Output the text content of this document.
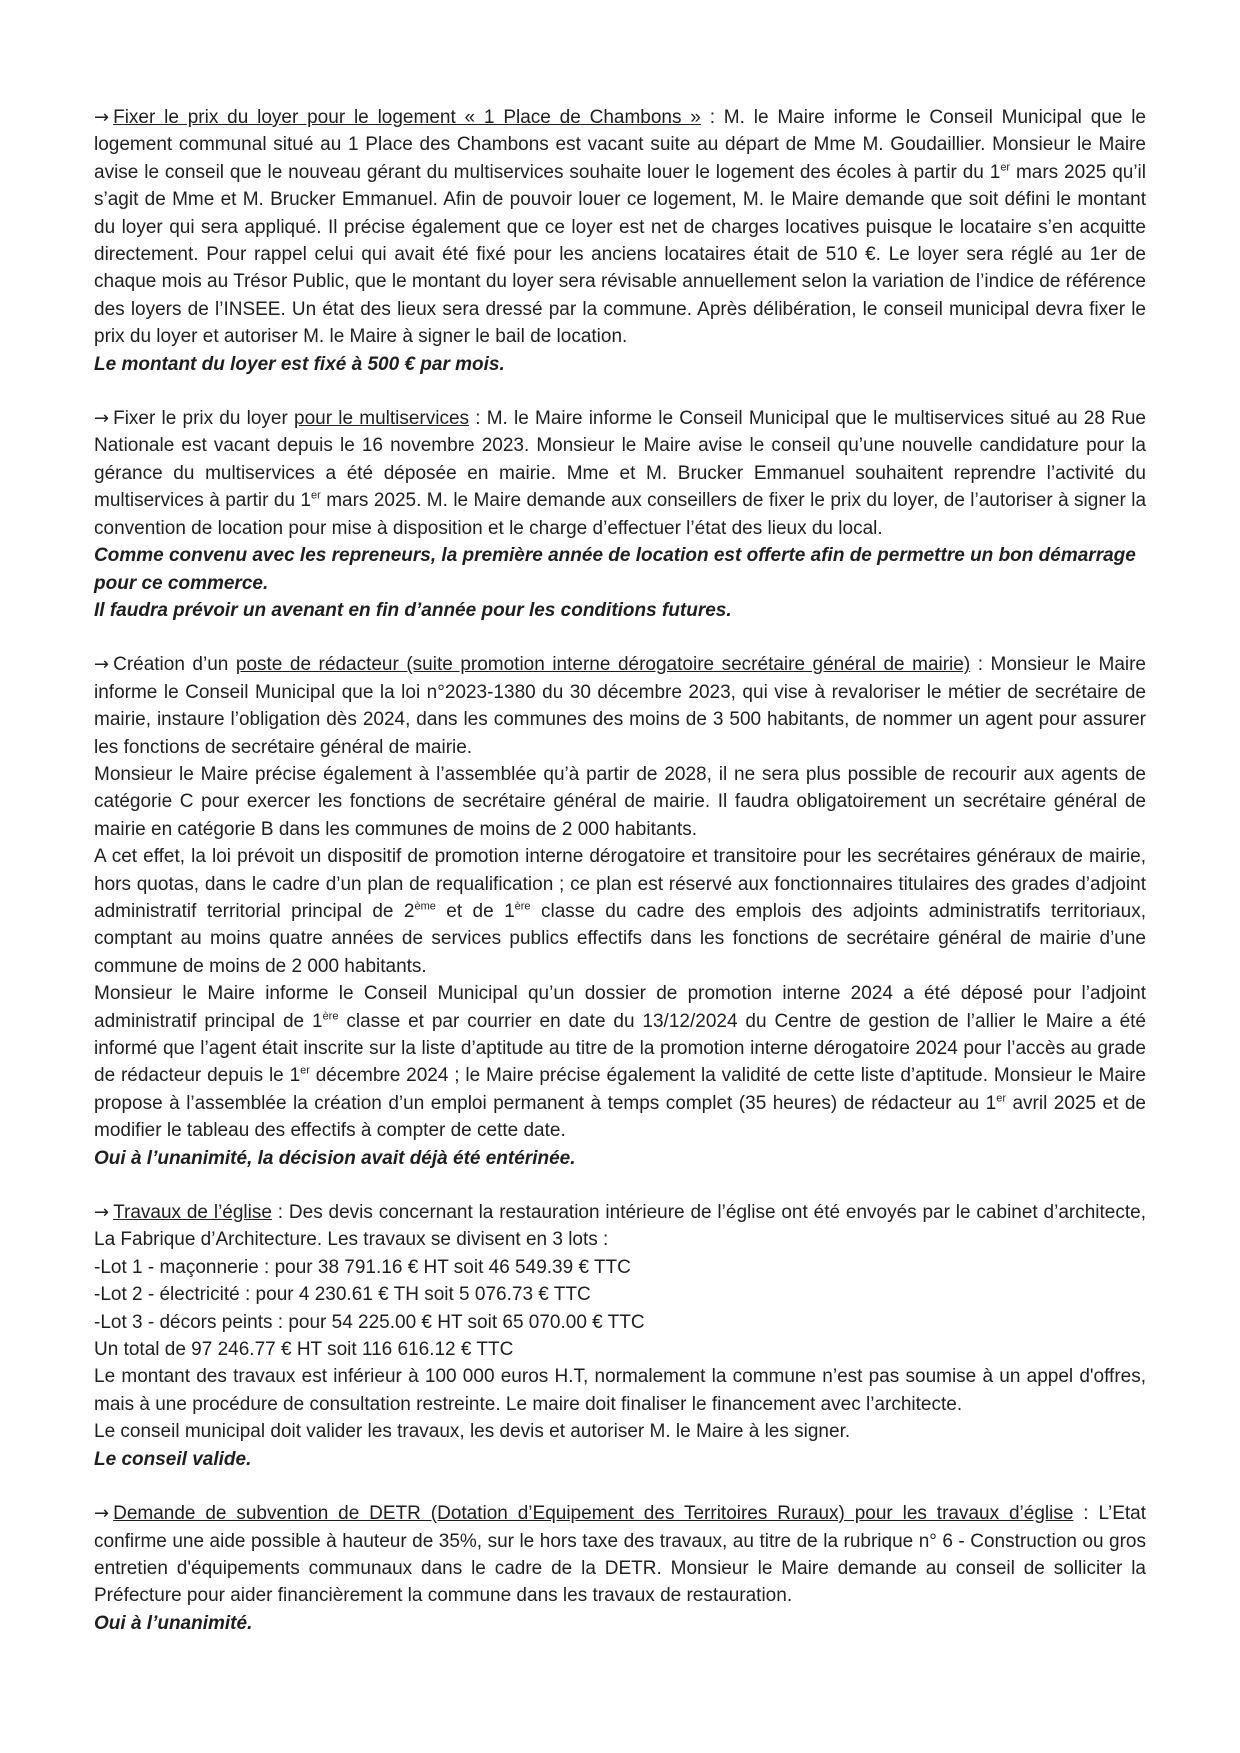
→ Fixer le prix du loyer pour le logement « 1 Place de Chambons » : M. le Maire informe le Conseil Municipal que le logement communal situé au 1 Place des Chambons est vacant suite au départ de Mme M. Goudaillier. Monsieur le Maire avise le conseil que le nouveau gérant du multiservices souhaite louer le logement des écoles à partir du 1er mars 2025 qu’il s’agit de Mme et M. Brucker Emmanuel. Afin de pouvoir louer ce logement, M. le Maire demande que soit défini le montant du loyer qui sera appliqué. Il précise également que ce loyer est net de charges locatives puisque le locataire s’en acquitte directement. Pour rappel celui qui avait été fixé pour les anciens locataires était de 510 €. Le loyer sera réglé au 1er de chaque mois au Trésor Public, que le montant du loyer sera révisable annuellement selon la variation de l’indice de référence des loyers de l’INSEE. Un état des lieux sera dressé par la commune. Après délibération, le conseil municipal devra fixer le prix du loyer et autoriser M. le Maire à signer le bail de location.

Le montant du loyer est fixé à 500 € par mois.

→ Fixer le prix du loyer pour le multiservices : M. le Maire informe le Conseil Municipal que le multiservices situé au 28 Rue Nationale est vacant depuis le 16 novembre 2023. Monsieur le Maire avise le conseil qu’une nouvelle candidature pour la gérance du multiservices a été déposée en mairie. Mme et M. Brucker Emmanuel souhaitent reprendre l’activité du multiservices à partir du 1er mars 2025. M. le Maire demande aux conseillers de fixer le prix du loyer, de l’autoriser à signer la convention de location pour mise à disposition et le charge d’effectuer l’état des lieux du local.

Comme convenu avec les repreneurs, la première année de location est offerte afin de permettre un bon démarrage pour ce commerce.

Il faudra prévoir un avenant en fin d’année pour les conditions futures.

→ Création d’un poste de rédacteur (suite promotion interne dérogatoire secrétaire général de mairie) : Monsieur le Maire informe le Conseil Municipal que la loi n°2023-1380 du 30 décembre 2023, qui vise à revaloriser le métier de secrétaire de mairie, instaure l’obligation dès 2024, dans les communes des moins de 3 500 habitants, de nommer un agent pour assurer les fonctions de secrétaire général de mairie.

Monsieur le Maire précise également à l’assemblée qu’à partir de 2028, il ne sera plus possible de recourir aux agents de catégorie C pour exercer les fonctions de secrétaire général de mairie. Il faudra obligatoirement un secrétaire général de mairie en catégorie B dans les communes de moins de 2 000 habitants.

A cet effet, la loi prévoit un dispositif de promotion interne dérogatoire et transitoire pour les secrétaires généraux de mairie, hors quotas, dans le cadre d’un plan de requalification ; ce plan est réservé aux fonctionnaires titulaires des grades d’adjoint administratif territorial principal de 2ème et de 1ère classe du cadre des emplois des adjoints administratifs territoriaux, comptant au moins quatre années de services publics effectifs dans les fonctions de secrétaire général de mairie d’une commune de moins de 2 000 habitants.

Monsieur le Maire informe le Conseil Municipal qu’un dossier de promotion interne 2024 a été déposé pour l’adjoint administratif principal de 1ère classe et par courrier en date du 13/12/2024 du Centre de gestion de l’allier le Maire a été informé que l’agent était inscrite sur la liste d’aptitude au titre de la promotion interne dérogatoire 2024 pour l’accès au grade de rédacteur depuis le 1er décembre 2024 ; le Maire précise également la validité de cette liste d’aptitude. Monsieur le Maire propose à l’assemblée la création d’un emploi permanent à temps complet (35 heures) de rédacteur au 1er avril 2025 et de modifier le tableau des effectifs à compter de cette date.

Oui à l’unanimité, la décision avait déjà été entérinée.

→ Travaux de l’église : Des devis concernant la restauration intérieure de l’église ont été envoyés par le cabinet d’architecte, La Fabrique d’Architecture. Les travaux se divisent en 3 lots :

-Lot 1 - maçonnerie : pour 38 791.16 € HT soit 46 549.39 € TTC

-Lot 2 - électricité : pour 4 230.61 € TH soit 5 076.73 € TTC

-Lot 3 - décors peints : pour 54 225.00 € HT soit 65 070.00 € TTC

Un total de 97 246.77 € HT soit 116 616.12 € TTC

Le montant des travaux est inférieur à 100 000 euros H.T, normalement la commune n’est pas soumise à un appel d'offres, mais à une procédure de consultation restreinte. Le maire doit finaliser le financement avec l’architecte.

Le conseil municipal doit valider les travaux, les devis et autoriser M. le Maire à les signer.

Le conseil valide.

→ Demande de subvention de DETR (Dotation d’Equipement des Territoires Ruraux) pour les travaux d’église : L’Etat confirme une aide possible à hauteur de 35%, sur le hors taxe des travaux, au titre de la rubrique n° 6 - Construction ou gros entretien d'équipements communaux dans le cadre de la DETR. Monsieur le Maire demande au conseil de solliciter la Préfecture pour aider financièrement la commune dans les travaux de restauration.

Oui à l’unanimité.
